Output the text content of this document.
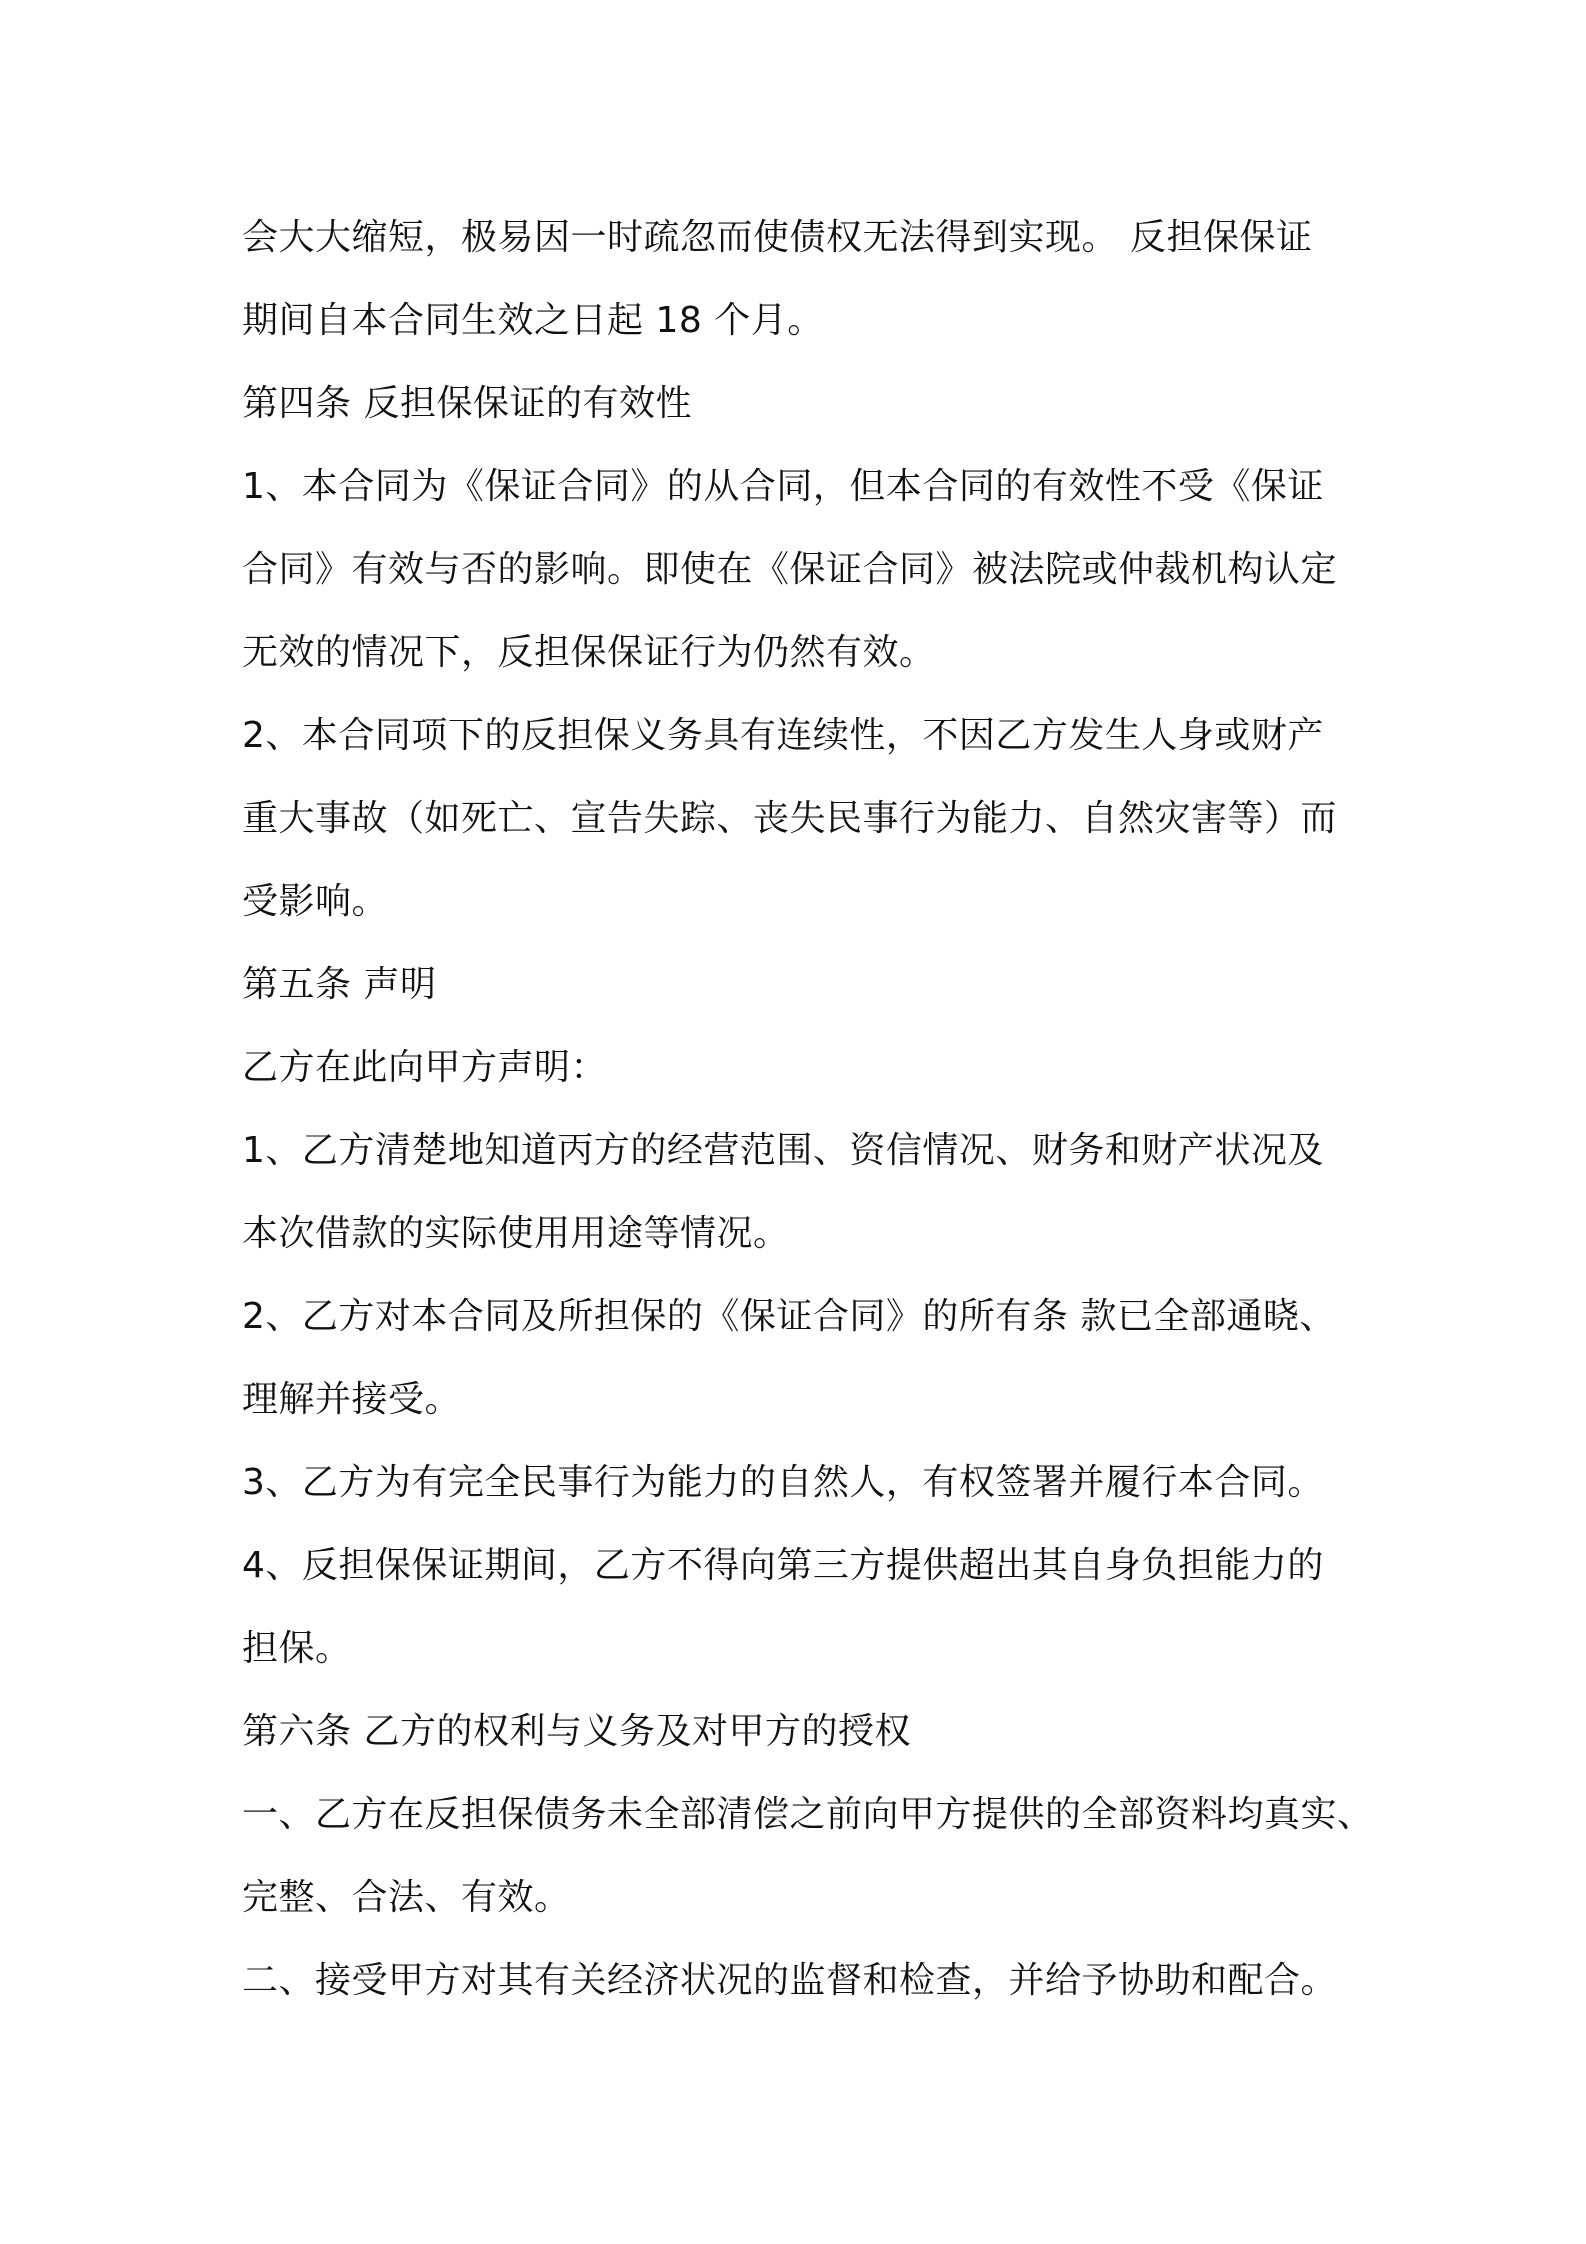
会大大缩短，极易因一时疏忽而使债权无法得到实现。 反担保保证
期间自本合同生效之日起 18 个月。
第四条 反担保保证的有效性
1、本合同为《保证合同》的从合同，但本合同的有效性不受《保证
合同》有效与否的影响。即使在《保证合同》被法院或仲裁机构认定
无效的情况下，反担保保证行为仍然有效。
2、本合同项下的反担保义务具有连续性，不因乙方发生人身或财产
重大事故（如死亡、宣告失踪、丧失民事行为能力、自然灾害等）而
受影响。
第五条 声明
乙方在此向甲方声明：
1、乙方清楚地知道丙方的经营范围、资信情况、财务和财产状况及
本次借款的实际使用用途等情况。
2、乙方对本合同及所担保的《保证合同》的所有条 款已全部通晓、
理解并接受。
3、乙方为有完全民事行为能力的自然人，有权签署并履行本合同。
4、反担保保证期间，乙方不得向第三方提供超出其自身负担能力的
担保。
第六条 乙方的权利与义务及对甲方的授权
一、乙方在反担保债务未全部清偿之前向甲方提供的全部资料均真实、
完整、合法、有效。
二、接受甲方对其有关经济状况的监督和检查，并给予协助和配合。
